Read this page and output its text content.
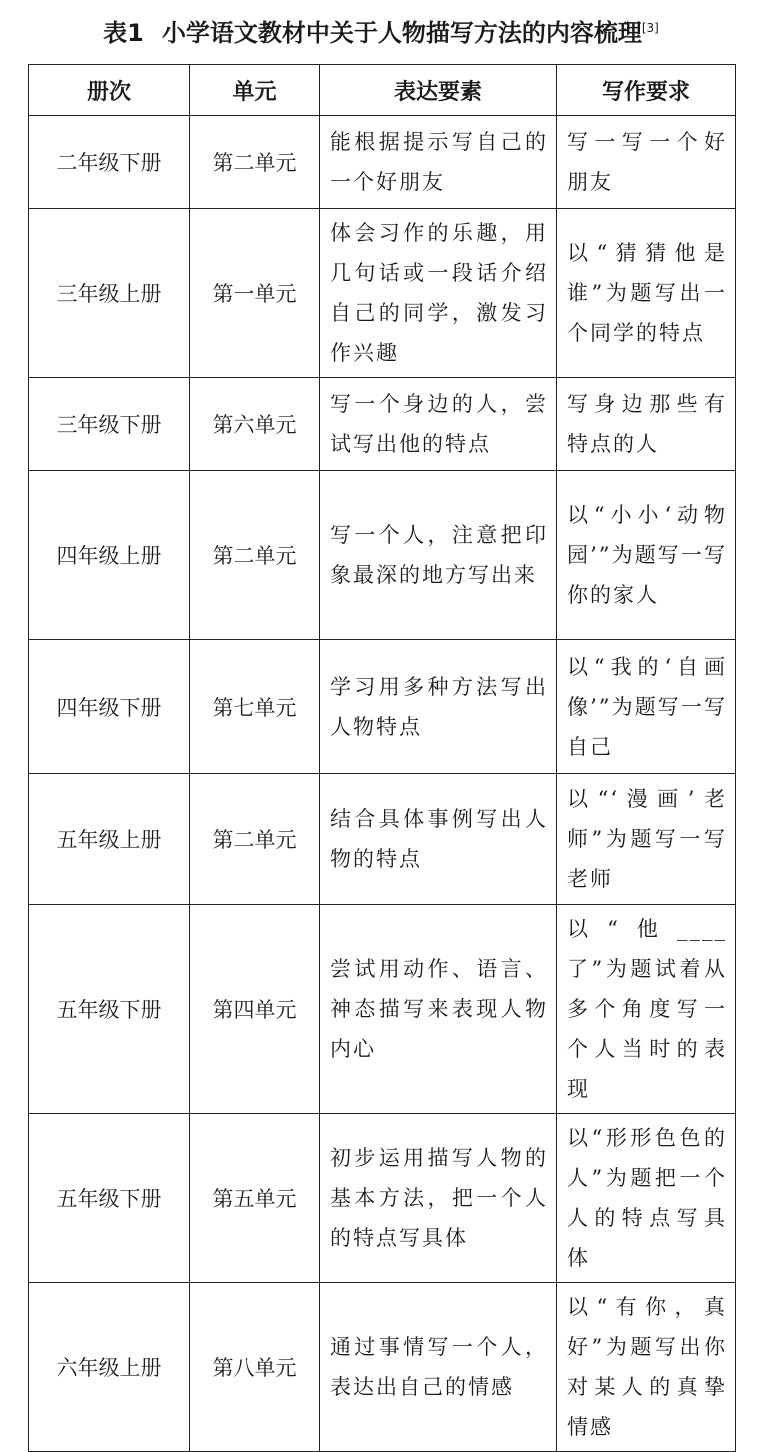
表1 小学语文教材中关于人物描写方法的内容梳理[3]
册次	单元	表达要素	写作要求
二年级下册	第二单元	能根据提示写自己的一个好朋友	写一写一个好朋友
三年级上册	第一单元	体会习作的乐趣，用几句话或一段话介绍自己的同学，激发习作兴趣	以“猜猜他是谁”为题写出一个同学的特点
三年级下册	第六单元	写一个身边的人，尝试写出他的特点	写身边那些有特点的人
四年级上册	第二单元	写一个人，注意把印象最深的地方写出来	以“小小‘动物园’”为题写一写你的家人
四年级下册	第七单元	学习用多种方法写出人物特点	以“我的‘自画像’”为题写一写自己
五年级上册	第二单元	结合具体事例写出人物的特点	以“‘漫画’老师”为题写一写老师
五年级下册	第四单元	尝试用动作、语言、神态描写来表现人物内心	以“他____了”为题试着从多个角度写一个人当时的表现
五年级下册	第五单元	初步运用描写人物的基本方法，把一个人的特点写具体	以“形形色色的人”为题把一个人的特点写具体
六年级上册	第八单元	通过事情写一个人，表达出自己的情感	以“有你，真好”为题写出你对某人的真挚情感
